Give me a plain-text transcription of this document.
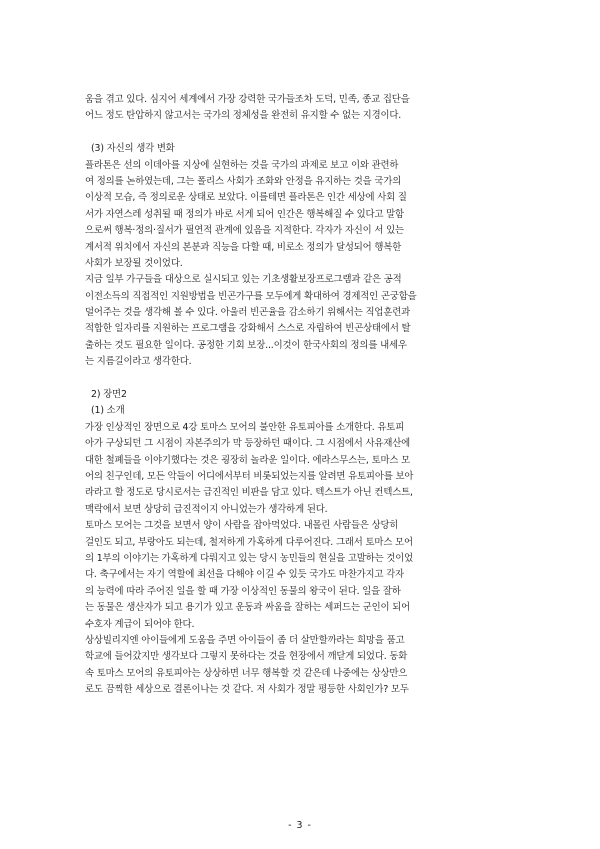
움을 겪고 있다. 심지어 세계에서 가장 강력한 국가들조차 도덕, 민족, 종교 집단을
어느 정도 탄압하지 않고서는 국가의 정체성을 완전히 유지할 수 없는 지경이다.
(3) 자신의 생각 변화
플라톤은 선의 이데아를 지상에 실현하는 것을 국가의 과제로 보고 이와 관련하
여 정의를 논하였는데, 그는 폴리스 사회가 조화와 안정을 유지하는 것을 국가의
이상적 모습, 즉 정의로운 상태로 보았다. 이를테면 플라톤은 인간 세상에 사회 질
서가 자연스레 성취될 때 정의가 바로 서게 되어 인간은 행복해질 수 있다고 말함
으로써 행복·정의·질서가 필연적 관계에 있음을 지적한다. 각자가 자신이 서 있는
계서적 위치에서 자신의 본분과 직능을 다할 때, 비로소 정의가 달성되어 행복한
사회가 보장될 것이었다.
지금 일부 가구들을 대상으로 실시되고 있는 기초생활보장프로그램과 같은 공적
이전소득의 직접적인 지원방법을 빈곤가구를 모두에게 확대하여 경제적인 곤궁함을
덜어주는 것을 생각해 볼 수 있다. 아울러 빈곤율을 감소하기 위해서는 직업훈련과
적합한 일자리를 지원하는 프로그램을 강화해서 스스로 자립하여 빈곤상태에서 탈
출하는 것도 필요한 일이다. 공정한 기회 보장...이것이 한국사회의 정의를 내세우
는 지름길이라고 생각한다.
2) 장면2
(1) 소개
가장 인상적인 장면으로 4강 토마스 모어의 불안한 유토피아를 소개한다. 유토피
아가 구상되던 그 시점이 자본주의가 막 등장하던 때이다. 그 시점에서 사유재산에
대한 철폐들을 이야기했다는 것은 굉장히 놀라운 일이다. 에라스무스는, 토마스 모
어의 친구인데, 모든 악들이 어디에서부터 비롯되었는지를 알려면 유토피아를 보아
라라고 할 정도로 당시로서는 급진적인 비판을 담고 있다. 텍스트가 아닌 컨텍스트,
맥락에서 보면 상당히 급진적이지 아니었는가 생각하게 된다.
토마스 모어는 그것을 보면서 양이 사람을 잡아먹었다. 내몰린 사람들은 상당히
걸인도 되고, 부랑아도 되는데, 철저하게 가혹하게 다루어진다. 그래서 토마스 모어
의 1부의 이야기는 가혹하게 다뤄지고 있는 당시 농민들의 현실을 고발하는 것이었
다. 축구에서는 자기 역할에 최선을 다해야 이길 수 있듯 국가도 마찬가지고 각자
의 능력에 따라 주어진 일을 할 때 가장 이상적인 동물의 왕국이 된다. 일을 잘하
는 동물은 생산자가 되고 용기가 있고 운동과 싸움을 잘하는 세퍼드는 군인이 되어
수호자 계급이 되어야 한다.
상상빌리지엔 아이들에게 도움을 주면 아이들이 좀 더 살만할까라는 희망을 품고
학교에 들어갔지만 생각보다 그렇지 못하다는 것을 현장에서 깨닫게 되었다. 동화
속 토마스 모어의 유토피아는 상상하면 너무 행복할 것 같은데 나중에는 상상만으
로도 끔찍한 세상으로 결론이나는 것 같다. 저 사회가 정말 평등한 사회인가? 모두
- 3 -
